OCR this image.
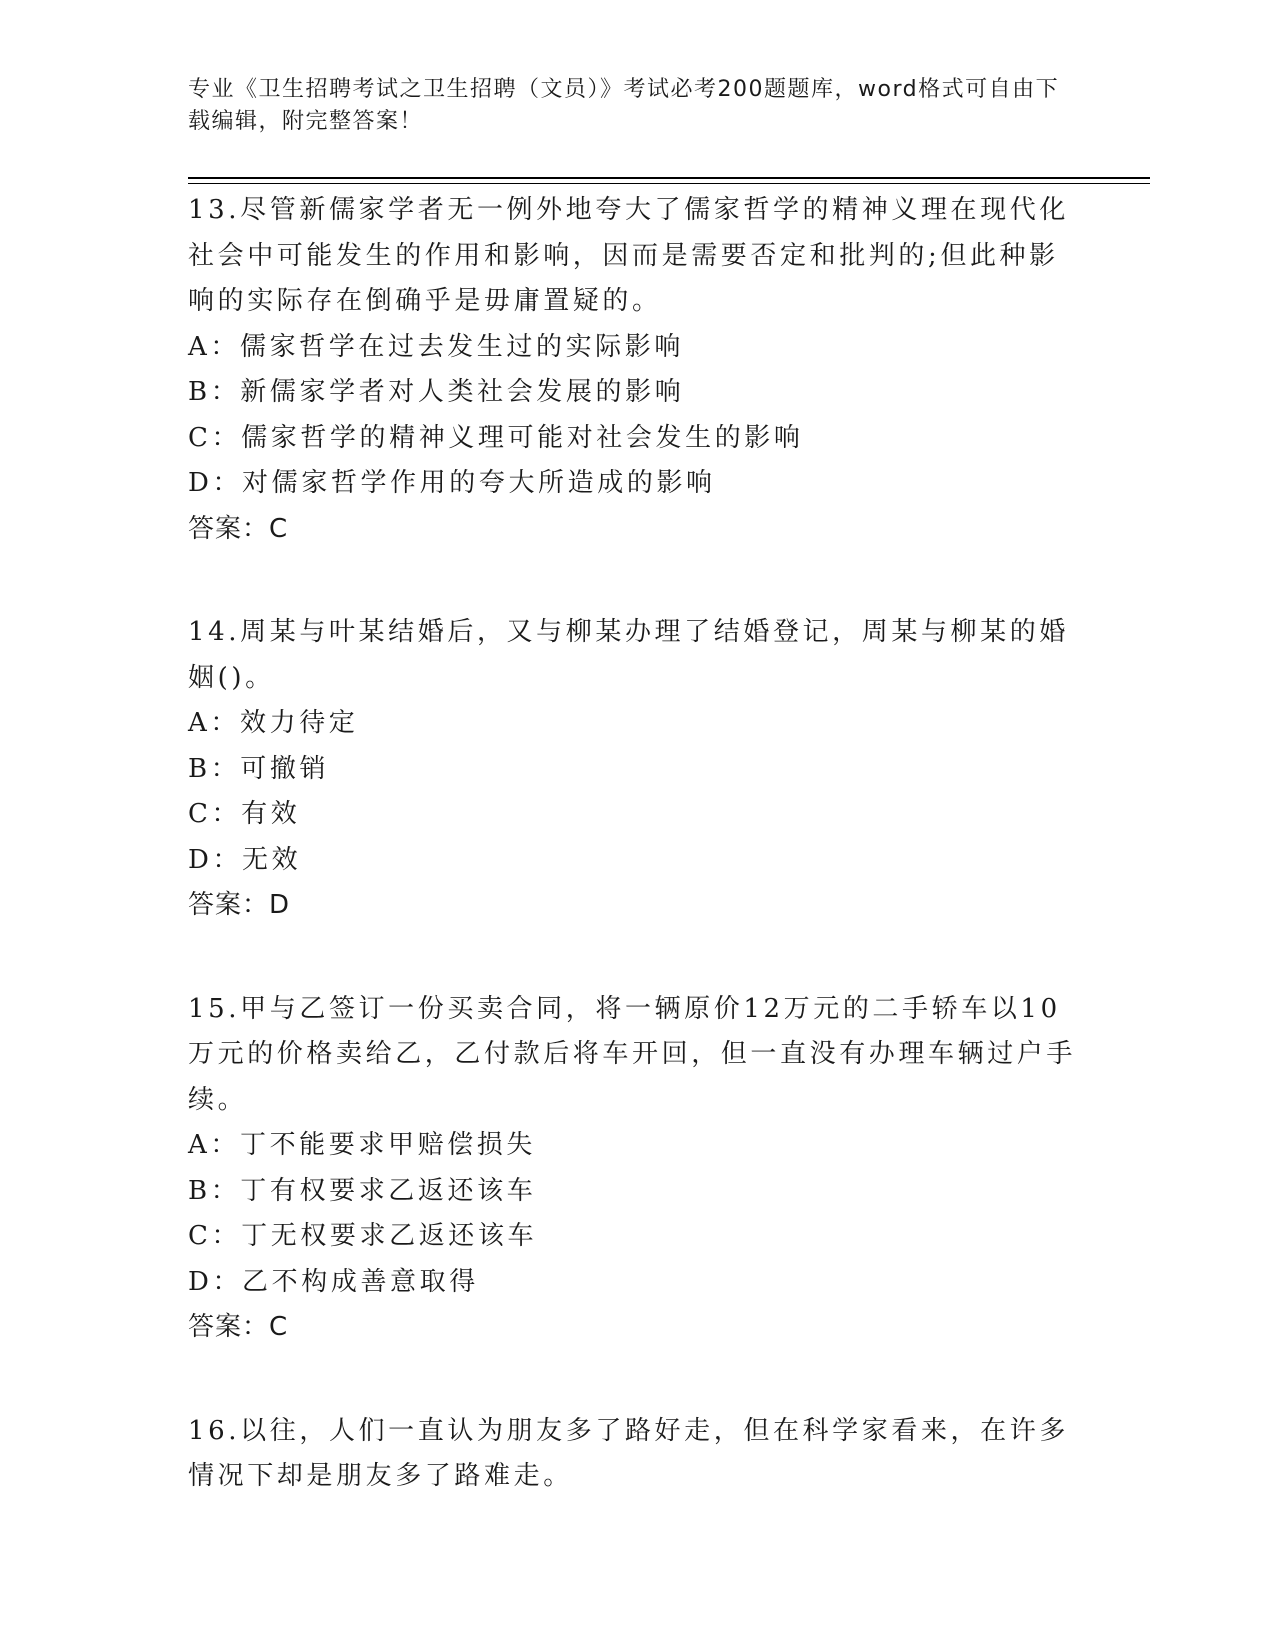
专业《卫生招聘考试之卫生招聘（文员）》考试必考200题题库，word格式可自由下载编辑，附完整答案！
13.尽管新儒家学者无一例外地夸大了儒家哲学的精神义理在现代化社会中可能发生的作用和影响，因而是需要否定和批判的;但此种影响的实际存在倒确乎是毋庸置疑的。
A：儒家哲学在过去发生过的实际影响
B：新儒家学者对人类社会发展的影响
C：儒家哲学的精神义理可能对社会发生的影响
D：对儒家哲学作用的夸大所造成的影响
答案：C
14.周某与叶某结婚后，又与柳某办理了结婚登记，周某与柳某的婚姻()。
A：效力待定
B：可撤销
C：有效
D：无效
答案：D
15.甲与乙签订一份买卖合同，将一辆原价12万元的二手轿车以10万元的价格卖给乙，乙付款后将车开回，但一直没有办理车辆过户手续。
A：丁不能要求甲赔偿损失
B：丁有权要求乙返还该车
C：丁无权要求乙返还该车
D：乙不构成善意取得
答案：C
16.以往，人们一直认为朋友多了路好走，但在科学家看来，在许多情况下却是朋友多了路难走。
